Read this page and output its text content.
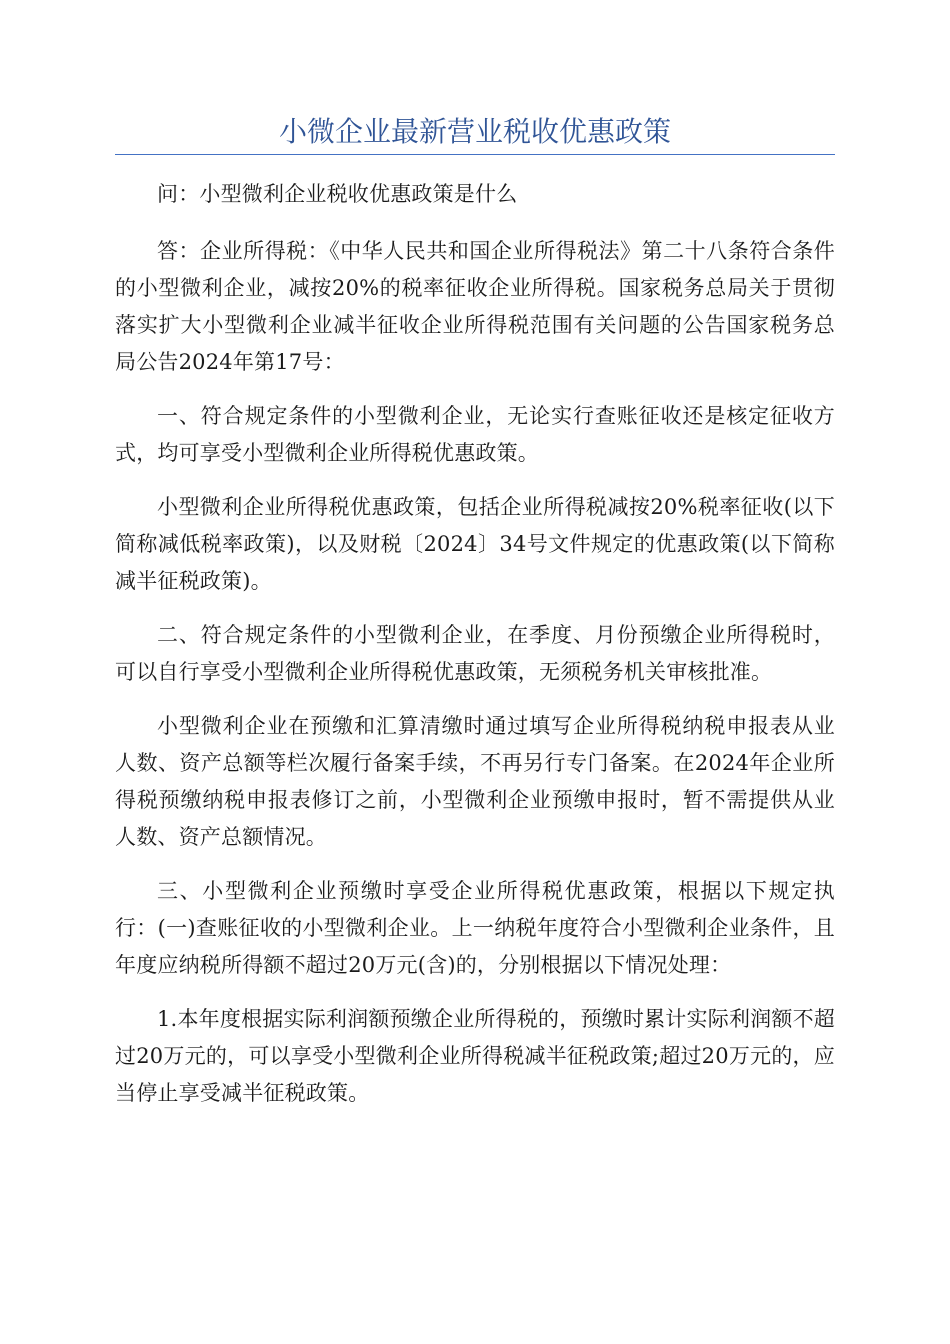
小微企业最新营业税收优惠政策

问：小型微利企业税收优惠政策是什么

答：企业所得税：《中华人民共和国企业所得税法》第二十八条符合条件的小型微利企业，减按20%的税率征收企业所得税。国家税务总局关于贯彻落实扩大小型微利企业减半征收企业所得税范围有关问题的公告国家税务总局公告2024年第17号：

一、符合规定条件的小型微利企业，无论实行查账征收还是核定征收方式，均可享受小型微利企业所得税优惠政策。

小型微利企业所得税优惠政策，包括企业所得税减按20%税率征收(以下简称减低税率政策)，以及财税〔2024〕34号文件规定的优惠政策(以下简称减半征税政策)。

二、符合规定条件的小型微利企业，在季度、月份预缴企业所得税时，可以自行享受小型微利企业所得税优惠政策，无须税务机关审核批准。

小型微利企业在预缴和汇算清缴时通过填写企业所得税纳税申报表从业人数、资产总额等栏次履行备案手续，不再另行专门备案。在2024年企业所得税预缴纳税申报表修订之前，小型微利企业预缴申报时，暂不需提供从业人数、资产总额情况。

三、小型微利企业预缴时享受企业所得税优惠政策，根据以下规定执行：(一)查账征收的小型微利企业。上一纳税年度符合小型微利企业条件，且年度应纳税所得额不超过20万元(含)的，分别根据以下情况处理：

1.本年度根据实际利润额预缴企业所得税的，预缴时累计实际利润额不超过20万元的，可以享受小型微利企业所得税减半征税政策;超过20万元的，应当停止享受减半征税政策。
